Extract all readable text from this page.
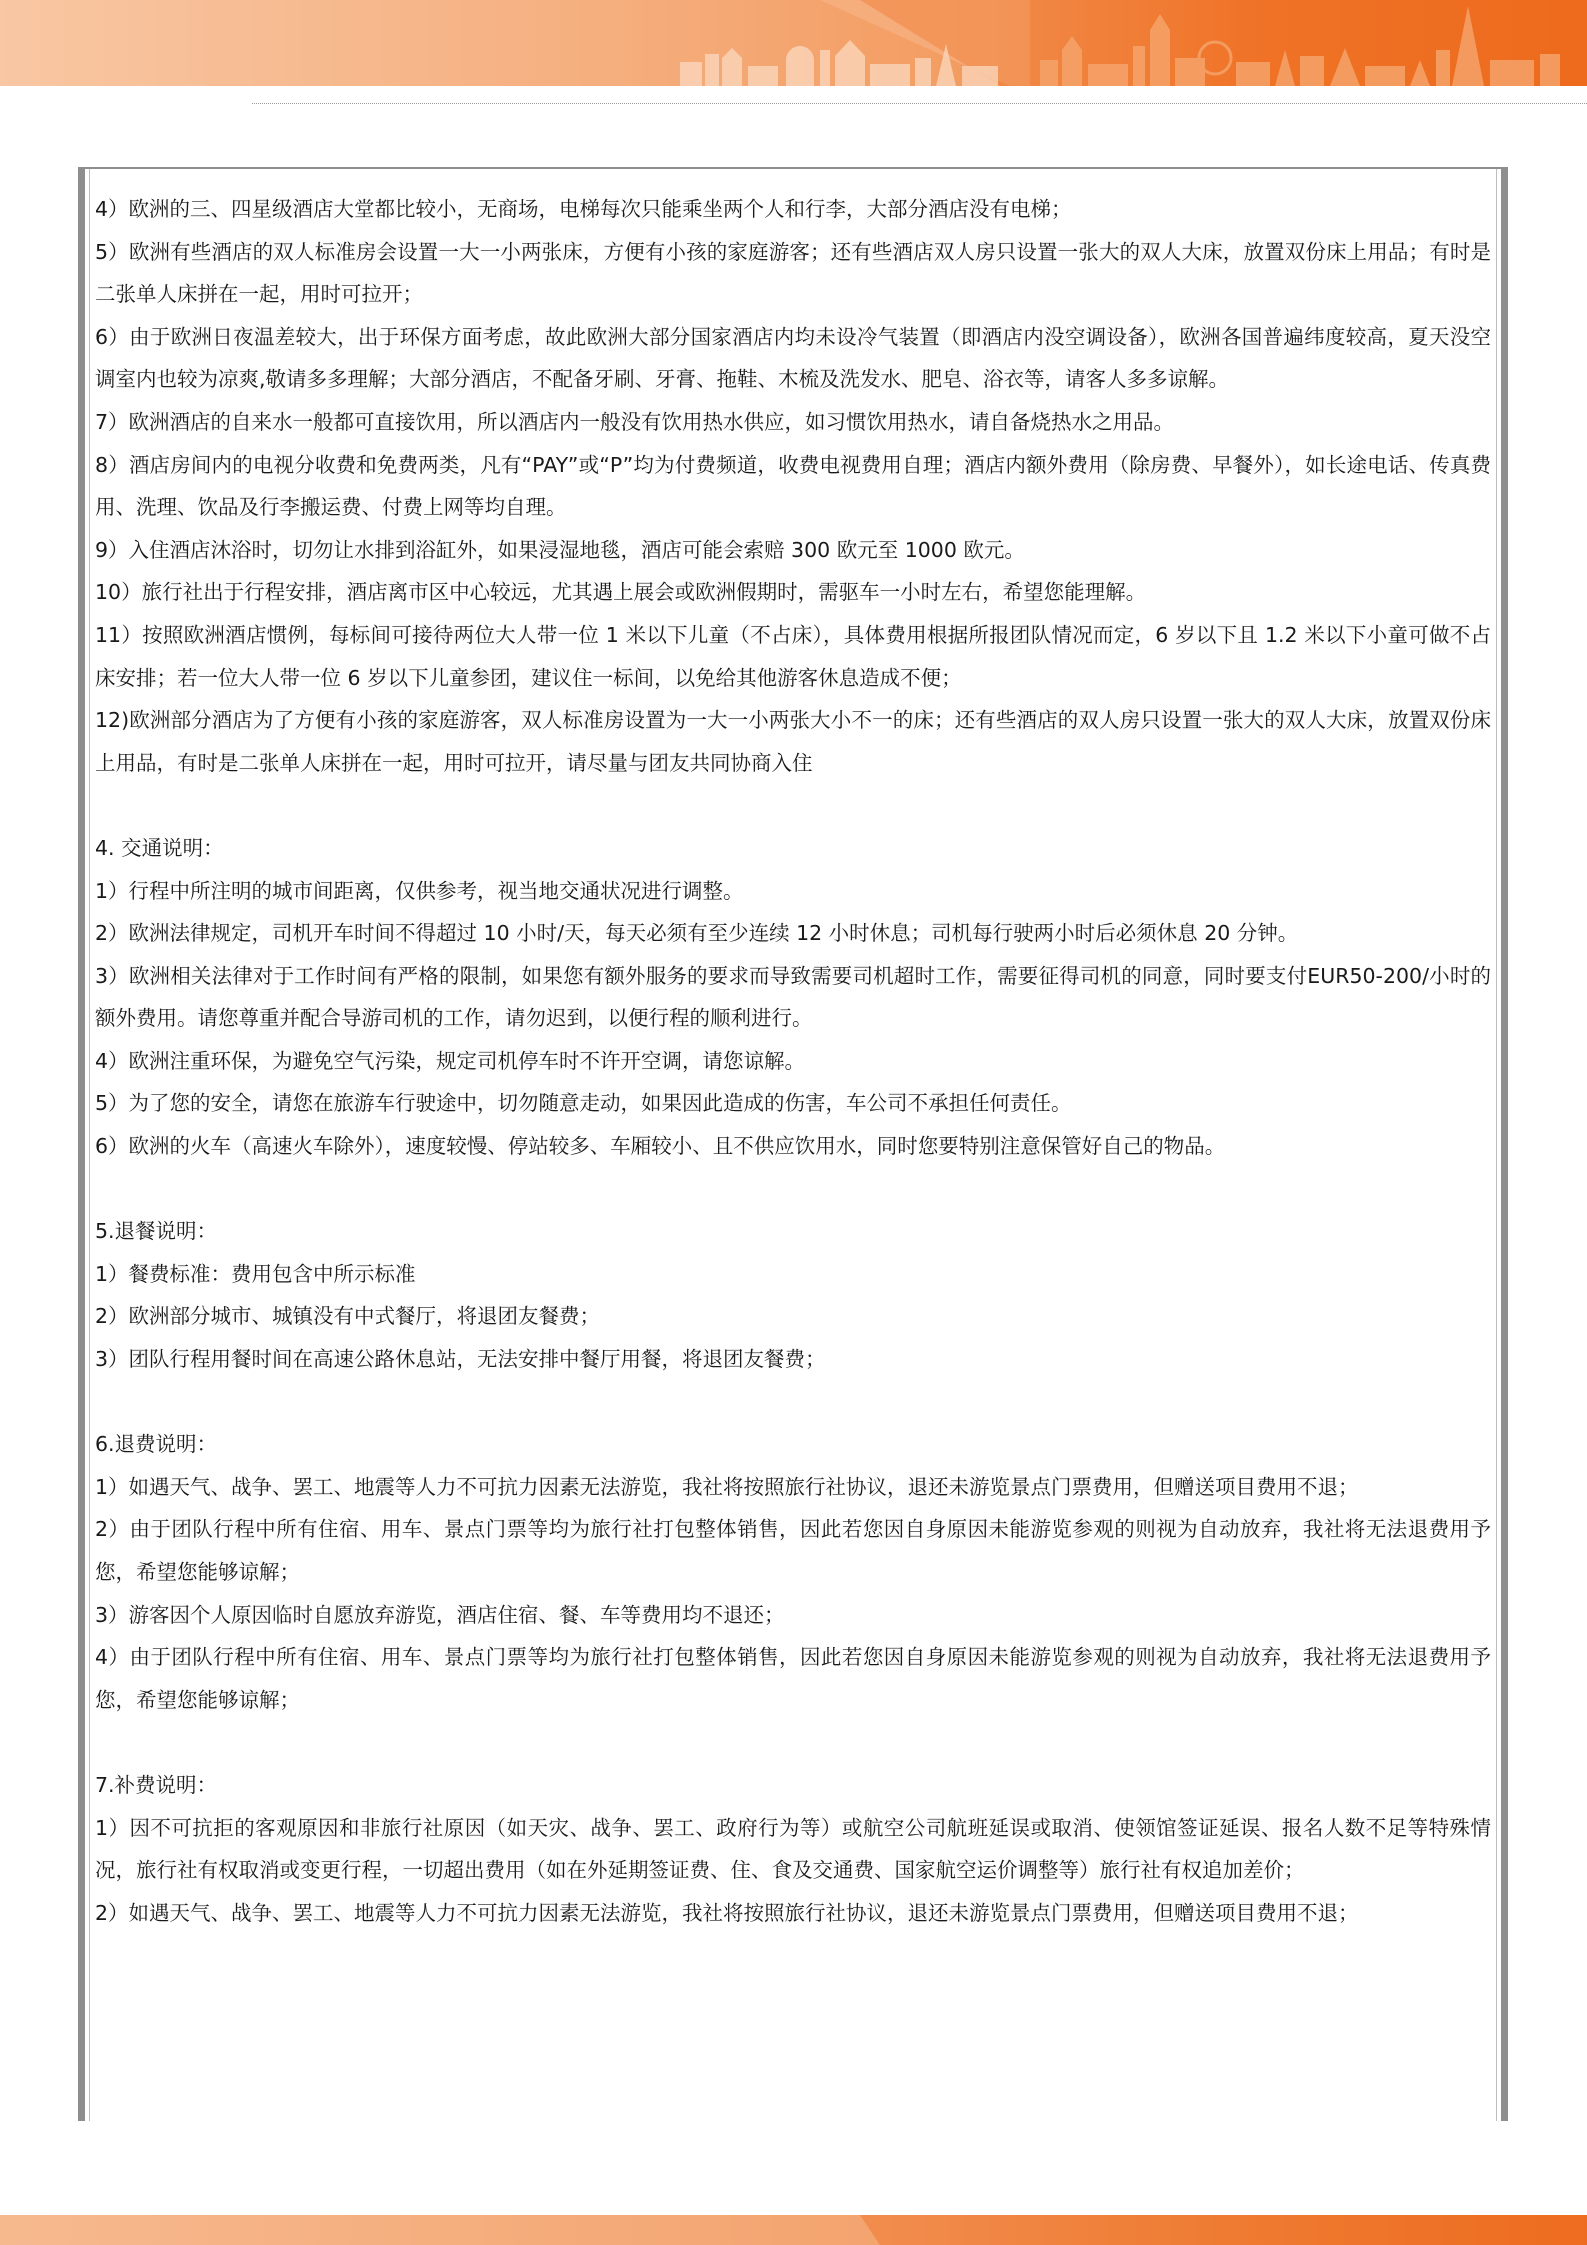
4）欧洲的三、四星级酒店大堂都比较小，无商场，电梯每次只能乘坐两个人和行李，大部分酒店没有电梯；

5）欧洲有些酒店的双人标准房会设置一大一小两张床，方便有小孩的家庭游客；还有些酒店双人房只设置一张大的双人大床，放置双份床上用品；有时是二张单人床拼在一起，用时可拉开；

6）由于欧洲日夜温差较大，出于环保方面考虑，故此欧洲大部分国家酒店内均未设冷气装置（即酒店内没空调设备），欧洲各国普遍纬度较高，夏天没空调室内也较为凉爽,敬请多多理解；大部分酒店，不配备牙刷、牙膏、拖鞋、木梳及洗发水、肥皂、浴衣等，请客人多多谅解。

7）欧洲酒店的自来水一般都可直接饮用，所以酒店内一般没有饮用热水供应，如习惯饮用热水，请自备烧热水之用品。

8）酒店房间内的电视分收费和免费两类，凡有“PAY”或“P”均为付费频道，收费电视费用自理；酒店内额外费用（除房费、早餐外），如长途电话、传真费用、洗理、饮品及行李搬运费、付费上网等均自理。

9）入住酒店沐浴时，切勿让水排到浴缸外，如果浸湿地毯，酒店可能会索赔 300 欧元至 1000 欧元。

10）旅行社出于行程安排，酒店离市区中心较远，尤其遇上展会或欧洲假期时，需驱车一小时左右，希望您能理解。

11）按照欧洲酒店惯例，每标间可接待两位大人带一位 1 米以下儿童（不占床），具体费用根据所报团队情况而定，6 岁以下且 1.2 米以下小童可做不占床安排；若一位大人带一位 6 岁以下儿童参团，建议住一标间，以免给其他游客休息造成不便；

12)欧洲部分酒店为了方便有小孩的家庭游客，双人标准房设置为一大一小两张大小不一的床；还有些酒店的双人房只设置一张大的双人大床，放置双份床上用品，有时是二张单人床拼在一起，用时可拉开，请尽量与团友共同协商入住

4. 交通说明：

1）行程中所注明的城市间距离，仅供参考，视当地交通状况进行调整。

2）欧洲法律规定，司机开车时间不得超过 10 小时/天，每天必须有至少连续 12 小时休息；司机每行驶两小时后必须休息 20 分钟。

3）欧洲相关法律对于工作时间有严格的限制，如果您有额外服务的要求而导致需要司机超时工作，需要征得司机的同意，同时要支付EUR50-200/小时的额外费用。请您尊重并配合导游司机的工作，请勿迟到，以便行程的顺利进行。

4）欧洲注重环保，为避免空气污染，规定司机停车时不许开空调，请您谅解。

5）为了您的安全，请您在旅游车行驶途中，切勿随意走动，如果因此造成的伤害，车公司不承担任何责任。

6）欧洲的火车（高速火车除外），速度较慢、停站较多、车厢较小、且不供应饮用水，同时您要特别注意保管好自己的物品。

5.退餐说明：

1）餐费标准：费用包含中所示标准

2）欧洲部分城市、城镇没有中式餐厅，将退团友餐费；

3）团队行程用餐时间在高速公路休息站，无法安排中餐厅用餐，将退团友餐费；

6.退费说明：

1）如遇天气、战争、罢工、地震等人力不可抗力因素无法游览，我社将按照旅行社协议，退还未游览景点门票费用，但赠送项目费用不退；

2）由于团队行程中所有住宿、用车、景点门票等均为旅行社打包整体销售，因此若您因自身原因未能游览参观的则视为自动放弃，我社将无法退费用予您，希望您能够谅解；

3）游客因个人原因临时自愿放弃游览，酒店住宿、餐、车等费用均不退还；

4）由于团队行程中所有住宿、用车、景点门票等均为旅行社打包整体销售，因此若您因自身原因未能游览参观的则视为自动放弃，我社将无法退费用予您，希望您能够谅解；

7.补费说明：

1）因不可抗拒的客观原因和非旅行社原因（如天灾、战争、罢工、政府行为等）或航空公司航班延误或取消、使领馆签证延误、报名人数不足等特殊情况，旅行社有权取消或变更行程，一切超出费用（如在外延期签证费、住、食及交通费、国家航空运价调整等）旅行社有权追加差价；

2）如遇天气、战争、罢工、地震等人力不可抗力因素无法游览，我社将按照旅行社协议，退还未游览景点门票费用，但赠送项目费用不退；
